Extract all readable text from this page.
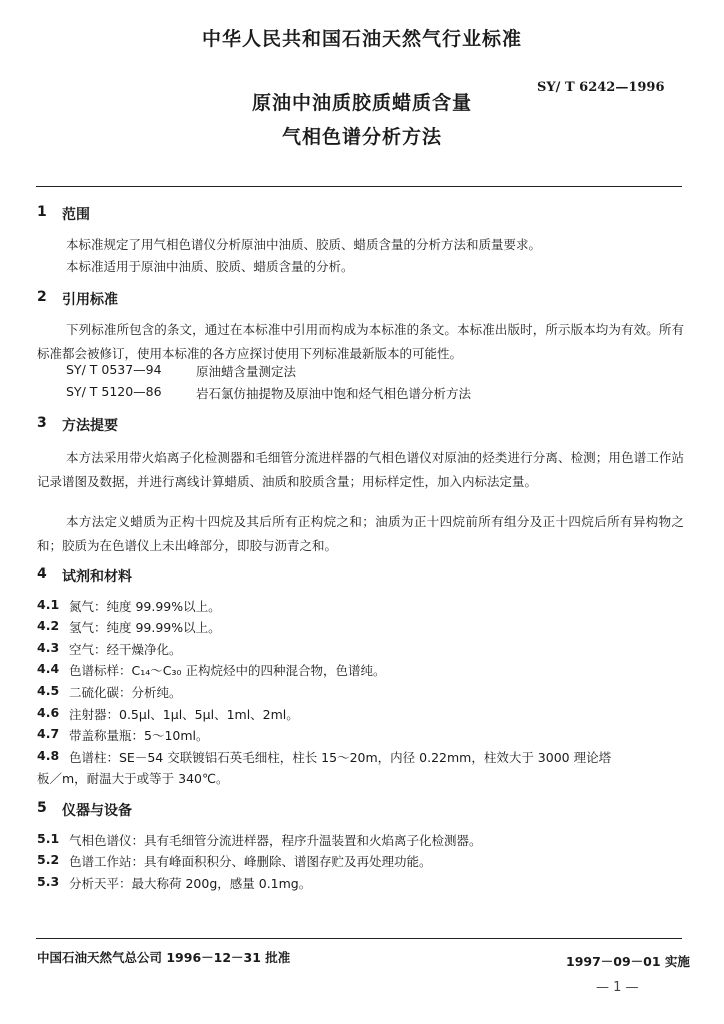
中华人民共和国石油天然气行业标准
SY/ T 6242—1996
原油中油质胶质蜡质含量
气相色谱分析方法
1 范围
本标准规定了用气相色谱仪分析原油中油质、胶质、蜡质含量的分析方法和质量要求。
本标准适用于原油中油质、胶质、蜡质含量的分析。
2 引用标准
下列标准所包含的条文，通过在本标准中引用而构成为本标准的条文。本标准出版时，所示版本均为有效。所有标准都会被修订，使用本标准的各方应探讨使用下列标准最新版本的可能性。
SY/ T 0537—94	原油蜡含量测定法
SY/ T 5120—86	岩石氯仿抽提物及原油中饱和烃气相色谱分析方法
3 方法提要
本方法采用带火焰离子化检测器和毛细管分流进样器的气相色谱仪对原油的烃类进行分离、检测；用色谱工作站记录谱图及数据，并进行离线计算蜡质、油质和胶质含量；用标样定性，加入内标法定量。
本方法定义蜡质为正构十四烷及其后所有正构烷之和；油质为正十四烷前所有组分及正十四烷后所有异构物之和；胶质为在色谱仪上未出峰部分，即胶与沥青之和。
4 试剂和材料
4.1 氮气：纯度 99.99%以上。
4.2 氢气：纯度 99.99%以上。
4.3 空气：经干燥净化。
4.4 色谱标样：C₁₄～C₃₀ 正构烷烃中的四种混合物，色谱纯。
4.5 二硫化碳：分析纯。
4.6 注射器：0.5μl、1μl、5μl、1ml、2ml。
4.7 带盖称量瓶：5～10ml。
4.8 色谱柱：SE－54 交联镀铝石英毛细柱，柱长 15～20m，内径 0.22mm，柱效大于 3000 理论塔
板／m，耐温大于或等于 340℃。
5 仪器与设备
5.1 气相色谱仪：具有毛细管分流进样器，程序升温装置和火焰离子化检测器。
5.2 色谱工作站：具有峰面积积分、峰删除、谱图存贮及再处理功能。
5.3 分析天平：最大称荷 200g，感量 0.1mg。
中国石油天然气总公司 1996－12－31 批准	1997－09－01 实施
— 1 —
